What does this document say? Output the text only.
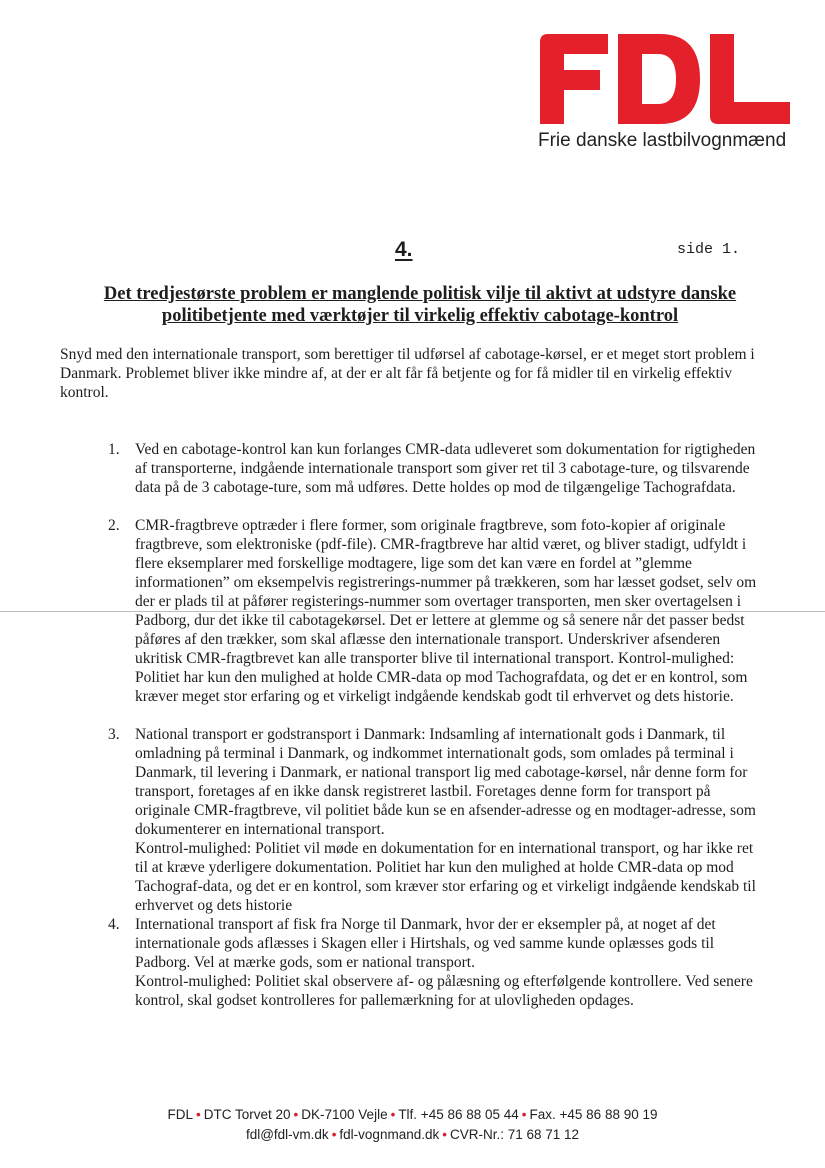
Frie danske lastbilvognmænd
4.	side 1.
Det tredjestørste problem er manglende politisk vilje til aktivt at udstyre danske politibetjente med værktøjer til virkelig effektiv cabotage-kontrol
Snyd med den internationale transport, som berettiger til udførsel af cabotage-kørsel, er et meget stort problem i Danmark. Problemet bliver ikke mindre af, at der er alt får få betjente og for få midler til en virkelig effektiv kontrol.
1. Ved en cabotage-kontrol kan kun forlanges CMR-data udleveret som dokumentation for rigtigheden af transporterne, indgående internationale transport som giver ret til 3 cabotage-ture, og tilsvarende data på de 3 cabotage-ture, som må udføres. Dette holdes op mod de tilgængelige Tachografdata.
2. CMR-fragtbreve optræder i flere former, som originale fragtbreve, som foto-kopier af originale fragtbreve, som elektroniske (pdf-file). CMR-fragtbreve har altid været, og bliver stadigt, udfyldt i flere eksemplarer med forskellige modtagere, lige som det kan være en fordel at ”glemme informationen” om eksempelvis registrerings-nummer på trækkeren, som har læsset godset, selv om der er plads til at påfører registerings-nummer som overtager transporten, men sker overtagelsen i Padborg, dur det ikke til cabotagekørsel. Det er lettere at glemme og så senere når det passer bedst påføres af den trækker, som skal aflæsse den internationale transport. Underskriver afsenderen ukritisk CMR-fragtbrevet kan alle transporter blive til international transport. Kontrol-mulighed: Politiet har kun den mulighed at holde CMR-data op mod Tachografdata, og det er en kontrol, som kræver meget stor erfaring og et virkeligt indgående kendskab godt til erhvervet og dets historie.
3. National transport er godstransport i Danmark: Indsamling af internationalt gods i Danmark, til omladning på terminal i Danmark, og indkommet internationalt gods, som omlades på terminal i Danmark, til levering i Danmark, er national transport lig med cabotage-kørsel, når denne form for transport, foretages af en ikke dansk registreret lastbil. Foretages denne form for transport på originale CMR-fragtbreve, vil politiet både kun se en afsender-adresse og en modtager-adresse, som dokumenterer en international transport.
Kontrol-mulighed: Politiet vil møde en dokumentation for en international transport, og har ikke ret til at kræve yderligere dokumentation. Politiet har kun den mulighed at holde CMR-data op mod Tachograf-data, og det er en kontrol, som kræver stor erfaring og et virkeligt indgående kendskab til erhvervet og dets historie
4. International transport af fisk fra Norge til Danmark, hvor der er eksempler på, at noget af det internationale gods aflæsses i Skagen eller i Hirtshals, og ved samme kunde oplæsses gods til Padborg. Vel at mærke gods, som er national transport.
Kontrol-mulighed: Politiet skal observere af- og pålæsning og efterfølgende kontrollere. Ved senere kontrol, skal godset kontrolleres for pallemærkning for at ulovligheden opdages.
FDL • DTC Torvet 20 • DK-7100 Vejle • Tlf. +45 86 88 05 44 • Fax. +45 86 88 90 19
fdl@fdl-vm.dk • fdl-vognmand.dk • CVR-Nr.: 71 68 71 12
